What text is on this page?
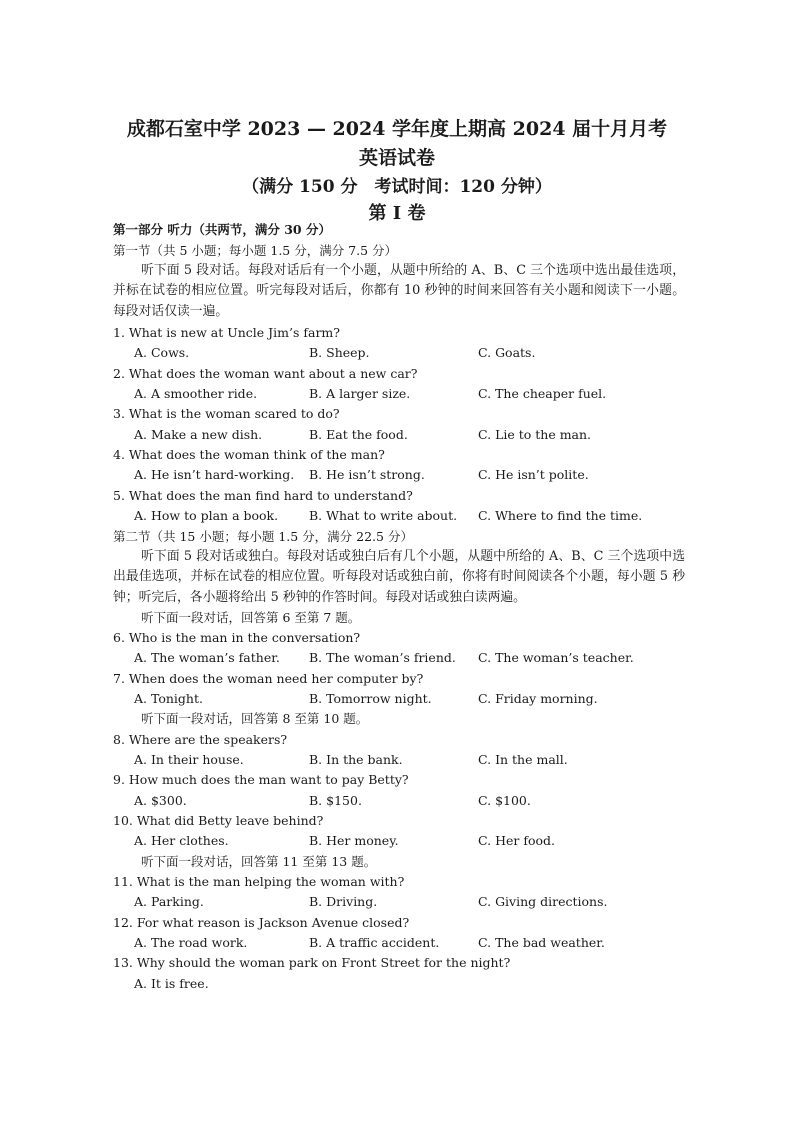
成都石室中学 2023 — 2024 学年度上期高 2024 届十月月考
英语试卷
（满分 150 分　考试时间：120 分钟）
第 I 卷
第一部分 听力（共两节，满分 30 分）
第一节（共 5 小题；每小题 1.5 分，满分 7.5 分）
听下面 5 段对话。每段对话后有一个小题，从题中所给的 A、B、C 三个选项中选出最佳选项，并标在试卷的相应位置。听完每段对话后，你都有 10 秒钟的时间来回答有关小题和阅读下一小题。每段对话仅读一遍。
1. What is new at Uncle Jim’s farm?
A. Cows.	B. Sheep.	C. Goats.
2. What does the woman want about a new car?
A. A smoother ride.	B. A larger size.	C. The cheaper fuel.
3. What is the woman scared to do?
A. Make a new dish.	B. Eat the food.	C. Lie to the man.
4. What does the woman think of the man?
A. He isn’t hard-working. B. He isn’t strong.	C. He isn’t polite.
5. What does the man find hard to understand?
A. How to plan a book. B. What to write about. C. Where to find the time.
第二节（共 15 小题；每小题 1.5 分，满分 22.5 分）
听下面 5 段对话或独白。每段对话或独白后有几个小题，从题中所给的 A、B、C 三个选项中选出最佳选项，并标在试卷的相应位置。听每段对话或独白前，你将有时间阅读各个小题，每小题 5 秒钟；听完后，各小题将给出 5 秒钟的作答时间。每段对话或独白读两遍。
听下面一段对话，回答第 6 至第 7 题。
6. Who is the man in the conversation?
A. The woman’s father. B. The woman’s friend. C. The woman’s teacher.
7. When does the woman need her computer by?
A. Tonight.	B. Tomorrow night.	C. Friday morning.
听下面一段对话，回答第 8 至第 10 题。
8. Where are the speakers?
A. In their house.	B. In the bank.	C. In the mall.
9. How much does the man want to pay Betty?
A. $300.	B. $150.	C. $100.
10. What did Betty leave behind?
A. Her clothes.	B. Her money.	C. Her food.
听下面一段对话，回答第 11 至第 13 题。
11. What is the man helping the woman with?
A. Parking.	B. Driving.	C. Giving directions.
12. For what reason is Jackson Avenue closed?
A. The road work.	B. A traffic accident.	C. The bad weather.
13. Why should the woman park on Front Street for the night?
A. It is free.
